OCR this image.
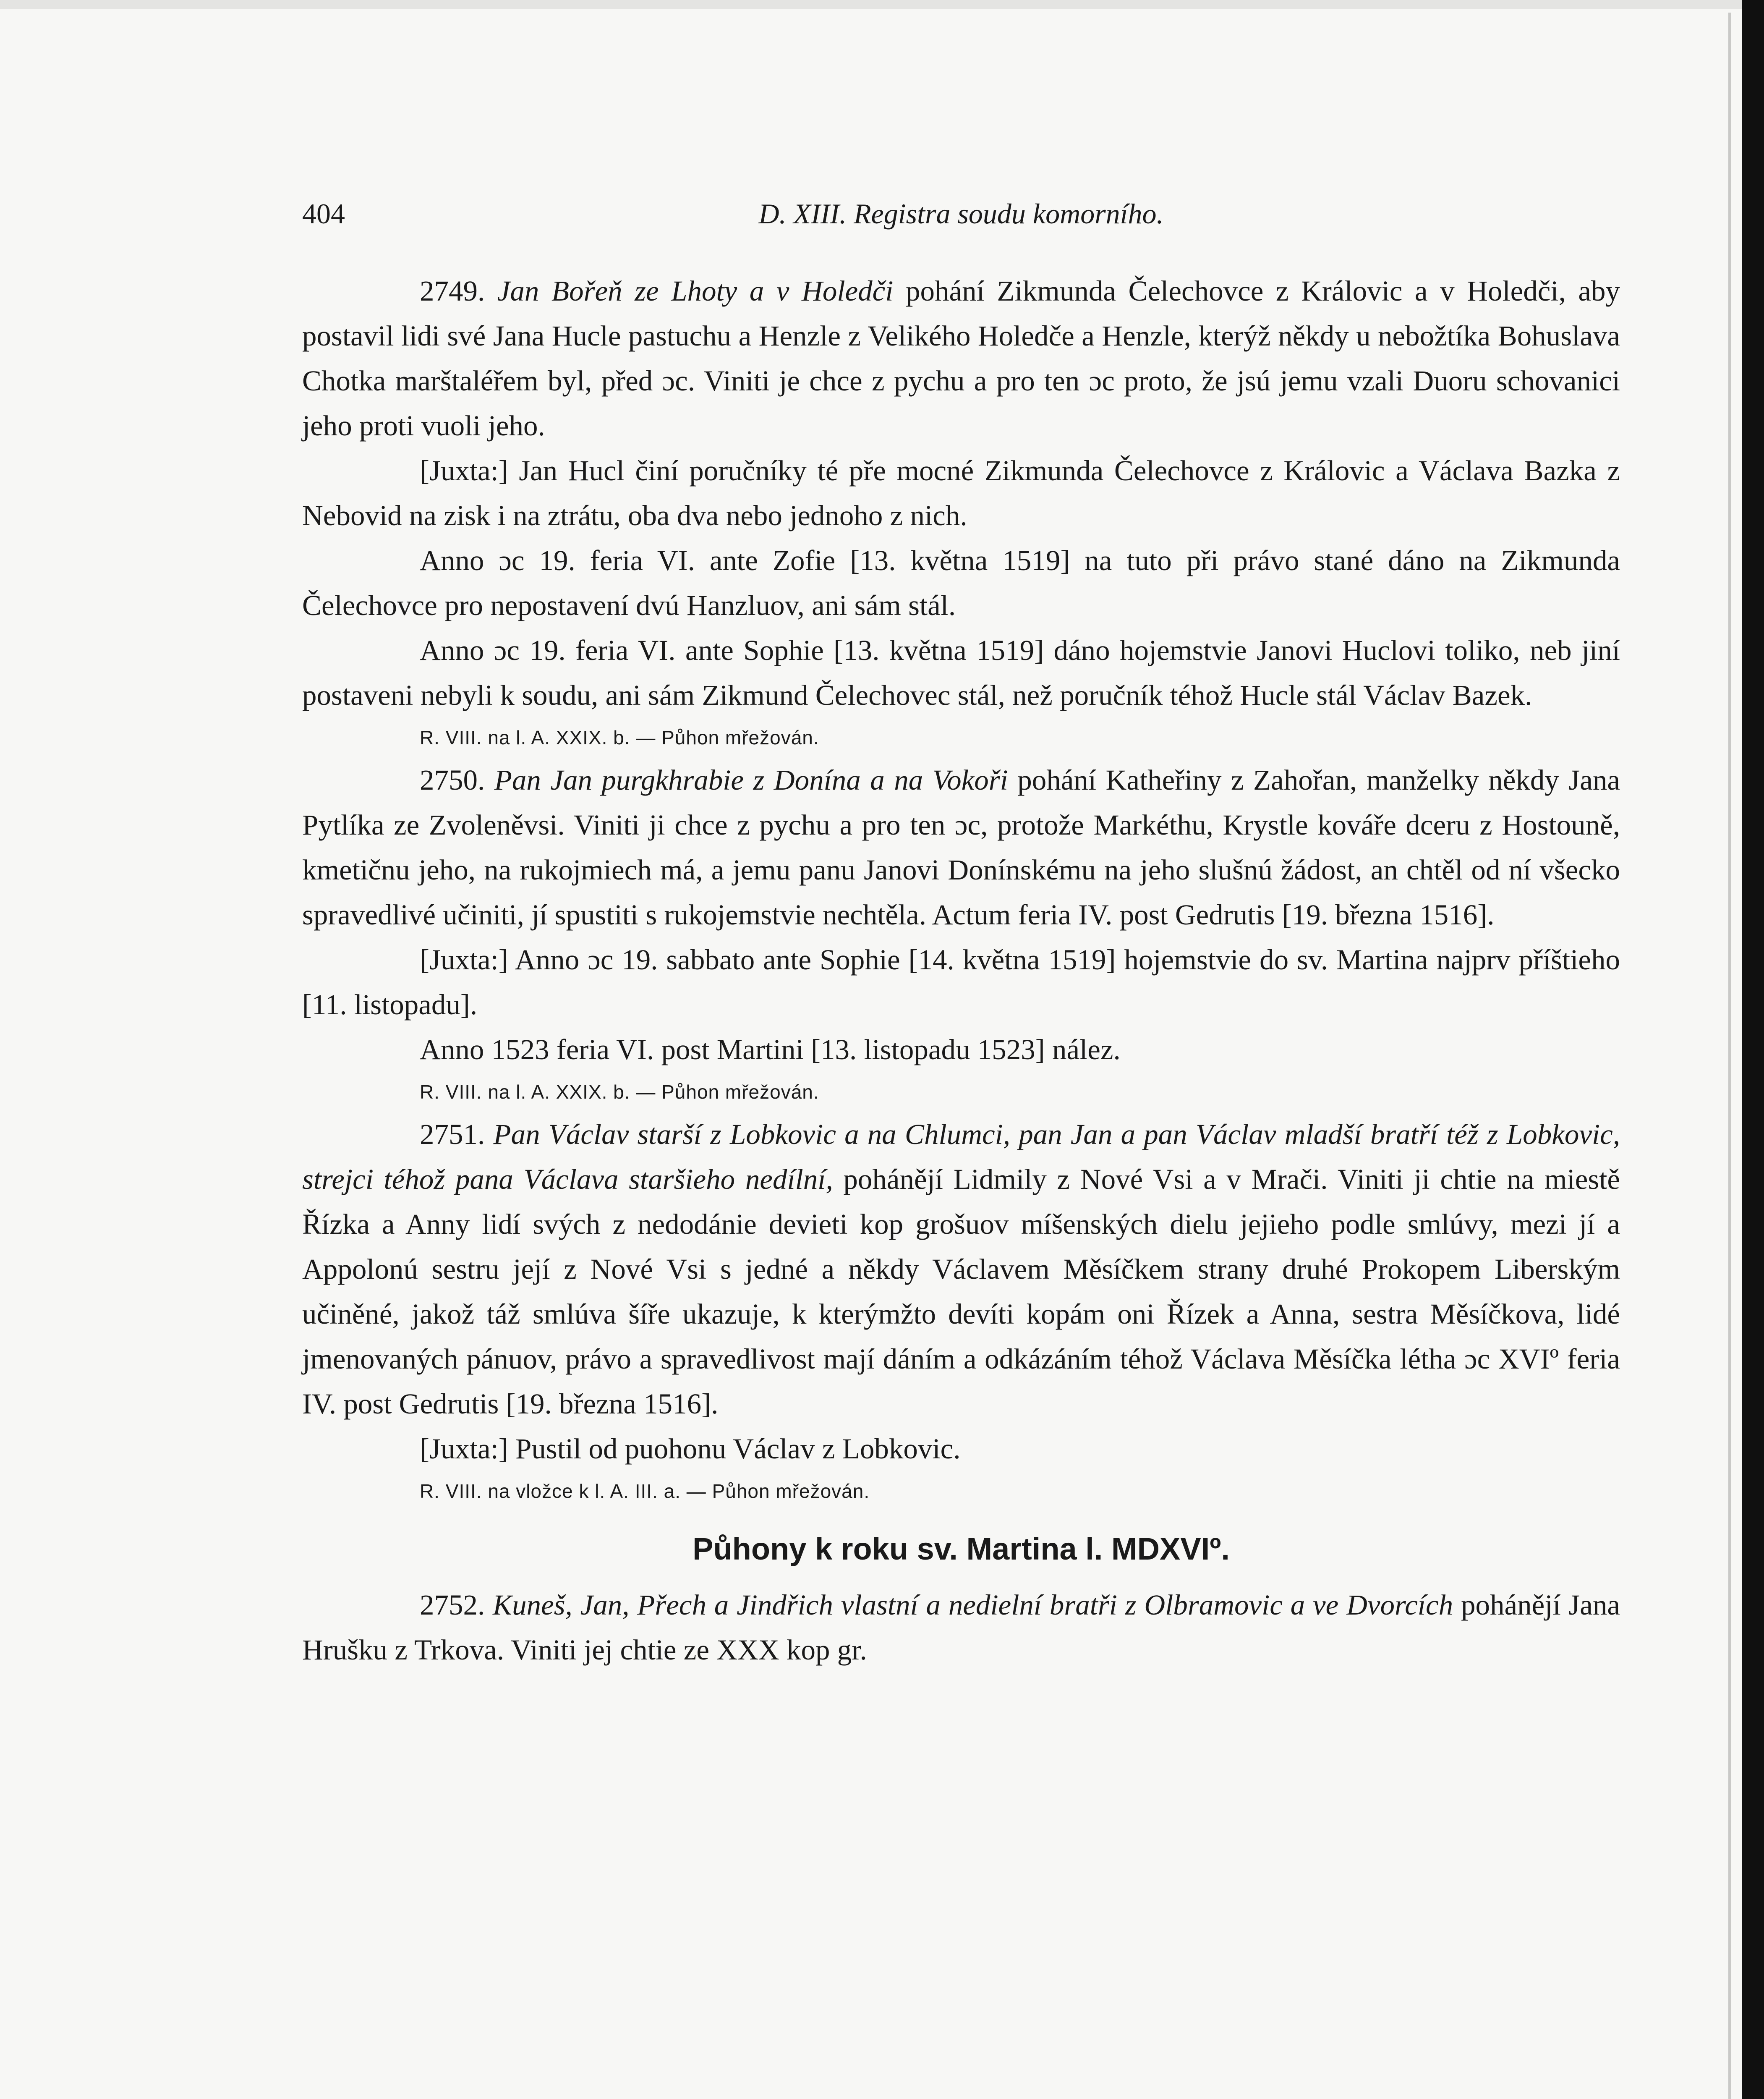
404	D. XIII. Registra soudu komorního.

2749. Jan Bořeň ze Lhoty a v Holedči pohání Zikmunda Čelechovce z Královic a v Holedči, aby postavil lidi své Jana Hucle pastuchu a Henzle z Velikého Holedče a Henzle, kterýž někdy u nebožtíka Bohuslava Chotka marštaléřem byl, před ɔc. Viniti je chce z pychu a pro ten ɔc proto, že jsú jemu vzali Duoru schovanici jeho proti vuoli jeho.

[Juxta:] Jan Hucl činí poručníky té pře mocné Zikmunda Čelechovce z Královic a Václava Bazka z Nebovid na zisk i na ztrátu, oba dva nebo jednoho z nich.

Anno ɔc 19. feria VI. ante Zofie [13. května 1519] na tuto při právo stané dáno na Zikmunda Čelechovce pro nepostavení dvú Hanzluov, ani sám stál.

Anno ɔc 19. feria VI. ante Sophie [13. května 1519] dáno hojemstvie Janovi Huclovi toliko, neb jiní postaveni nebyli k soudu, ani sám Zikmund Čelechovec stál, než poručník téhož Hucle stál Václav Bazek.

R. VIII. na l. A. XXIX. b. — Půhon mřežován.

2750. Pan Jan purgkhrabie z Donína a na Vokoři pohání Katheřiny z Zahořan, manželky někdy Jana Pytlíka ze Zvoleněvsi. Viniti ji chce z pychu a pro ten ɔc, protože Markéthu, Krystle kováře dceru z Hostouně, kmetičnu jeho, na rukojmiech má, a jemu panu Janovi Donínskému na jeho slušnú žádost, an chtěl od ní všecko spravedlivé učiniti, jí spustiti s rukojemstvie nechtěla. Actum feria IV. post Gedrutis [19. března 1516].

[Juxta:] Anno ɔc 19. sabbato ante Sophie [14. května 1519] hojemstvie do sv. Martina najprv příštieho [11. listopadu].

Anno 1523 feria VI. post Martini [13. listopadu 1523] nález.

R. VIII. na l. A. XXIX. b. — Půhon mřežován.

2751. Pan Václav starší z Lobkovic a na Chlumci, pan Jan a pan Václav mladší bratří též z Lobkovic, strejci téhož pana Václava staršieho nedílní, pohánějí Lidmily z Nové Vsi a v Mrači. Viniti ji chtie na miestě Řízka a Anny lidí svých z nedodánie devieti kop grošuov míšenských dielu jejieho podle smlúvy, mezi jí a Appolonú sestru její z Nové Vsi s jedné a někdy Václavem Měsíčkem strany druhé Prokopem Liberským učiněné, jakož táž smlúva šíře ukazuje, k kterýmžto devíti kopám oni Řízek a Anna, sestra Měsíčkova, lidé jmenovaných pánuov, právo a spravedlivost mají dáním a odkázáním téhož Václava Měsíčka létha ɔc XVIº feria IV. post Gedrutis [19. března 1516].

[Juxta:] Pustil od puohonu Václav z Lobkovic.

R. VIII. na vložce k l. A. III. a. — Půhon mřežován.

Půhony k roku sv. Martina l. MDXVIº.

2752. Kuneš, Jan, Přech a Jindřich vlastní a nedielní bratři z Olbramovic a ve Dvorcích pohánějí Jana Hrušku z Trkova. Viniti jej chtie ze XXX kop gr.
